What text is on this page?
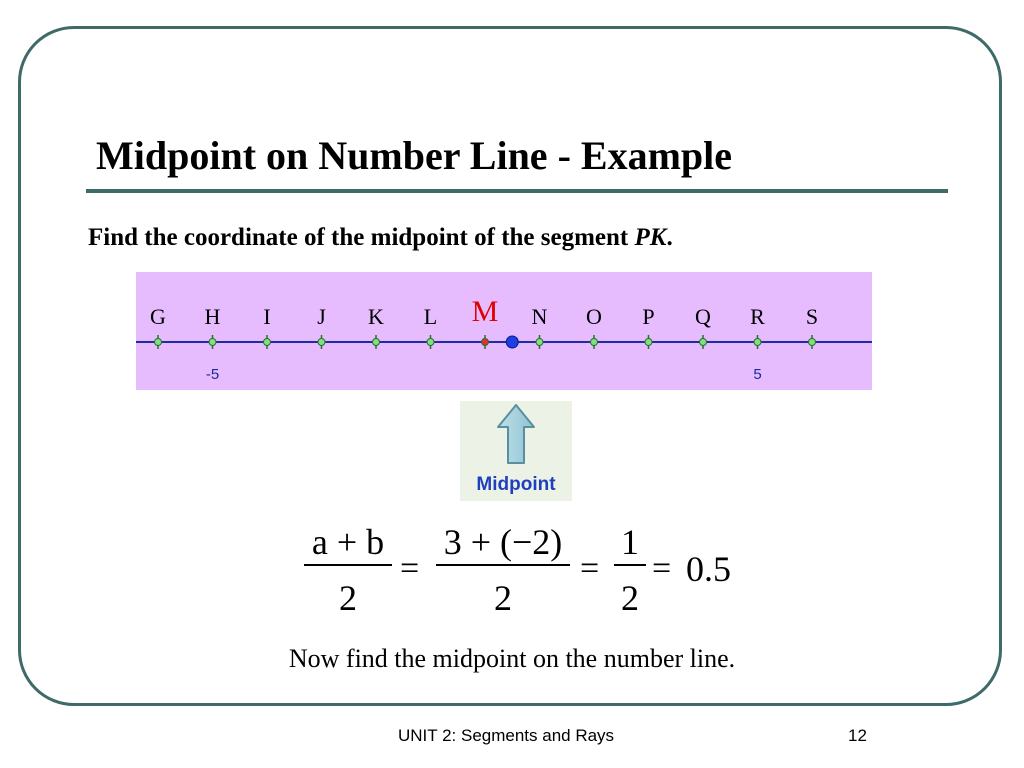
Midpoint on Number Line - Example
Find the coordinate of the midpoint of the segment PK.
G H I J K L M N O P Q R S
-5	5
Midpoint
a + b
2
=
3 + (−2)
2
=
1
2
= 0.5
Now find the midpoint on the number line.
UNIT 2: Segments and Rays	12
